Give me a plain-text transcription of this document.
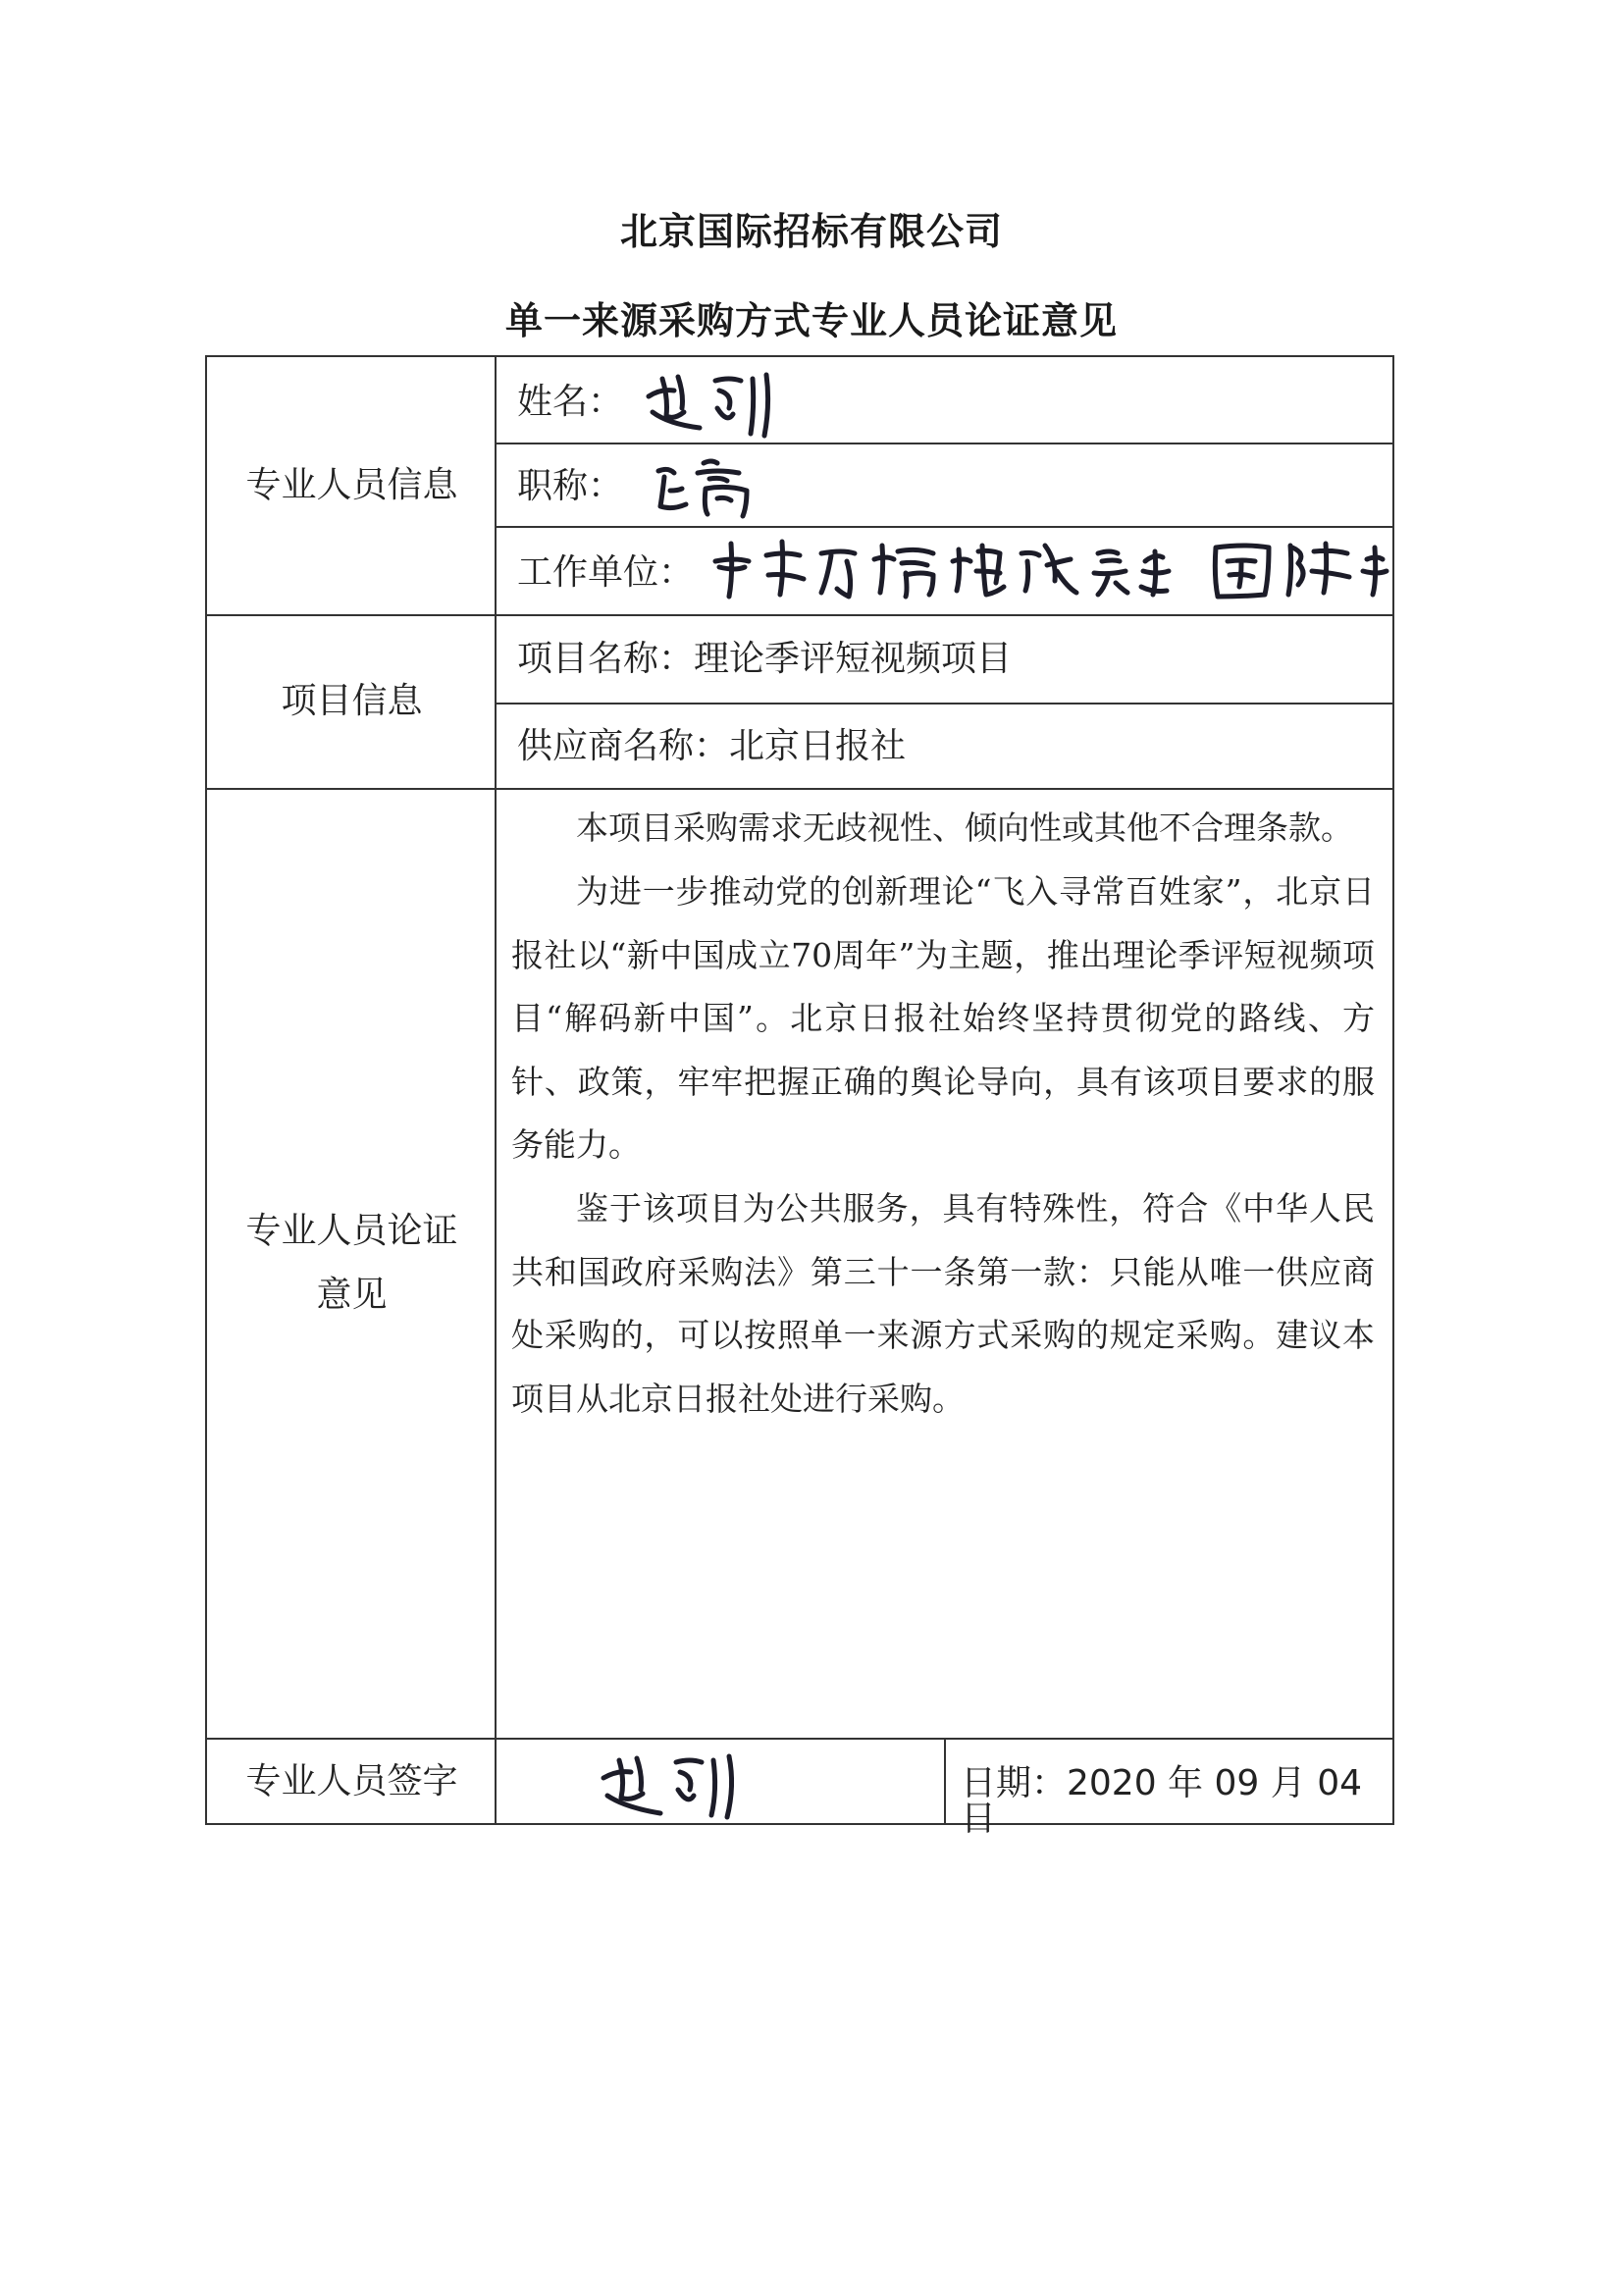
北京国际招标有限公司
单一来源采购方式专业人员论证意见
专业人员信息
姓名：
职称：
工作单位：
项目信息
项目名称：理论季评短视频项目
供应商名称：北京日报社
专业人员论证
意见

本项目采购需求无歧视性、倾向性或其他不合理条款。

为进一步推动党的创新理论“飞入寻常百姓家”，北京日报社以“新中国成立70周年”为主题，推出理论季评短视频项目“解码新中国”。北京日报社始终坚持贯彻党的路线、方针、政策，牢牢把握正确的舆论导向，具有该项目要求的服务能力。

鉴于该项目为公共服务，具有特殊性，符合《中华人民共和国政府采购法》第三十一条第一款：只能从唯一供应商处采购的，可以按照单一来源方式采购的规定采购。建议本项目从北京日报社处进行采购。

专业人员签字	日期：2020 年 09 月 04 日
